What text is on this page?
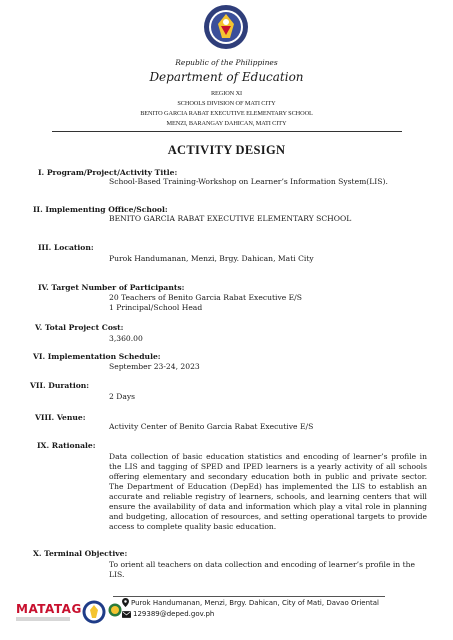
Republic of the Philippines
Department of Education
REGION XI
SCHOOLS DIVISION OF MATI CITY
BENITO GARCIA RABAT EXECUTIVE ELEMENTARY SCHOOL
MENZI, BARANGAY DAHICAN, MATI CITY
ACTIVITY DESIGN
I. Program/Project/Activity Title:
School-Based Training-Workshop on Learner’s Information System(LIS).
II. Implementing Office/School:
BENITO GARCIA RABAT EXECUTIVE ELEMENTARY SCHOOL
III. Location:
Purok Handumanan, Menzi, Brgy. Dahican, Mati City
IV. Target Number of Participants:
20 Teachers of Benito Garcia Rabat Executive E/S
1 Principal/School Head
V. Total Project Cost:
3,360.00
VI. Implementation Schedule:
September 23-24, 2023
VII. Duration:
2 Days
VIII. Venue:
Activity Center of Benito Garcia Rabat Executive E/S
IX. Rationale:
Data collection of basic education statistics and encoding of learner’s profile in the LIS and tagging of SPED and IPED learners is a yearly activity of all schools offering elementary and secondary education both in public and private sector. The Department of Education (DepEd) has implemented the LIS to establish an accurate and reliable registry of learners, schools, and learning centers that will ensure the availability of data and information which play a vital role in planning and budgeting, allocation of resources, and setting operational targets to provide access to complete quality basic education.
X. Terminal Objective:
To orient all teachers on data collection and encoding of learner’s profile in the LIS.
MATATAG	Purok Handumanan, Menzi, Brgy. Dahican, City of Mati, Davao Oriental
129389@deped.gov.ph
